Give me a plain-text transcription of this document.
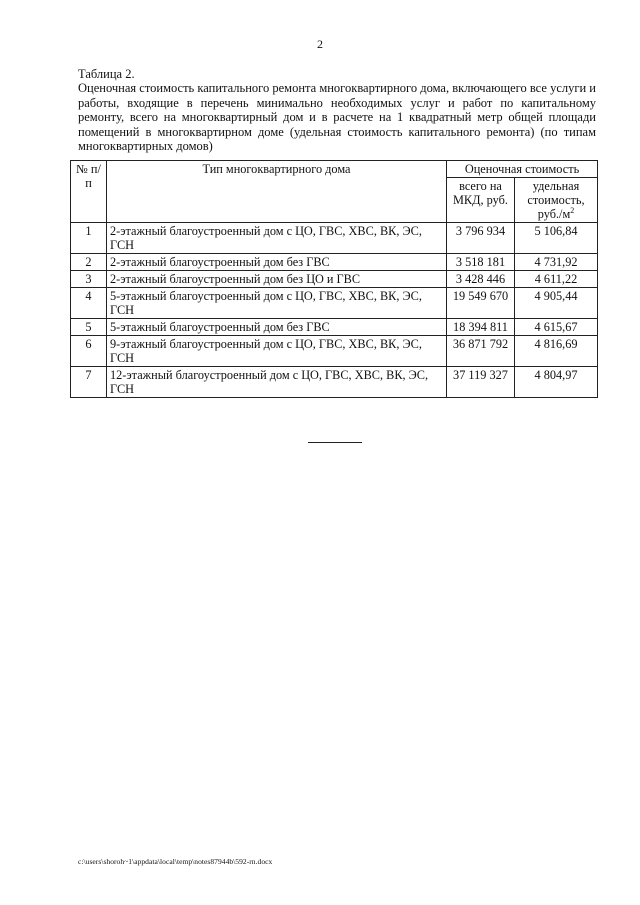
2
Таблица 2.
Оценочная стоимость капитального ремонта многоквартирного дома, включающего все услуги и работы, входящие в перечень минимально необходимых услуг и работ по капитальному ремонту, всего на многоквартирный дом и в расчете на 1 квадратный метр общей площади помещений в многоквартирном доме (удельная стоимость капитального ремонта) (по типам многоквартирных домов)
№ п/п	Тип многоквартирного дома	Оценочная стоимость	
		всего на МКД, руб.	удельная стоимость, $руб./м^2$
1	2-этажный благоустроенный дом с ЦО, ГВС, ХВС, ВК, ЭС, ГСН	3 796 934	5 106,84
2	2-этажный благоустроенный дом без ГВС	3 518 181	4 731,92
3	2-этажный благоустроенный дом без ЦО и ГВС	3 428 446	4 611,22
4	5-этажный благоустроенный дом с ЦО, ГВС, ХВС, ВК, ЭС, ГСН	19 549 670	4 905,44
5	5-этажный благоустроенный дом без ГВС	18 394 811	4 615,67
6	9-этажный благоустроенный дом с ЦО, ГВС, ХВС, ВК, ЭС, ГСН	36 871 792	4 816,69
7	12-этажный благоустроенный дом с ЦО, ГВС, ХВС, ВК, ЭС, ГСН	37 119 327	4 804,97
c:\users\shoroh~1\appdata\local\temp\notes87944b\592-rn.docx
